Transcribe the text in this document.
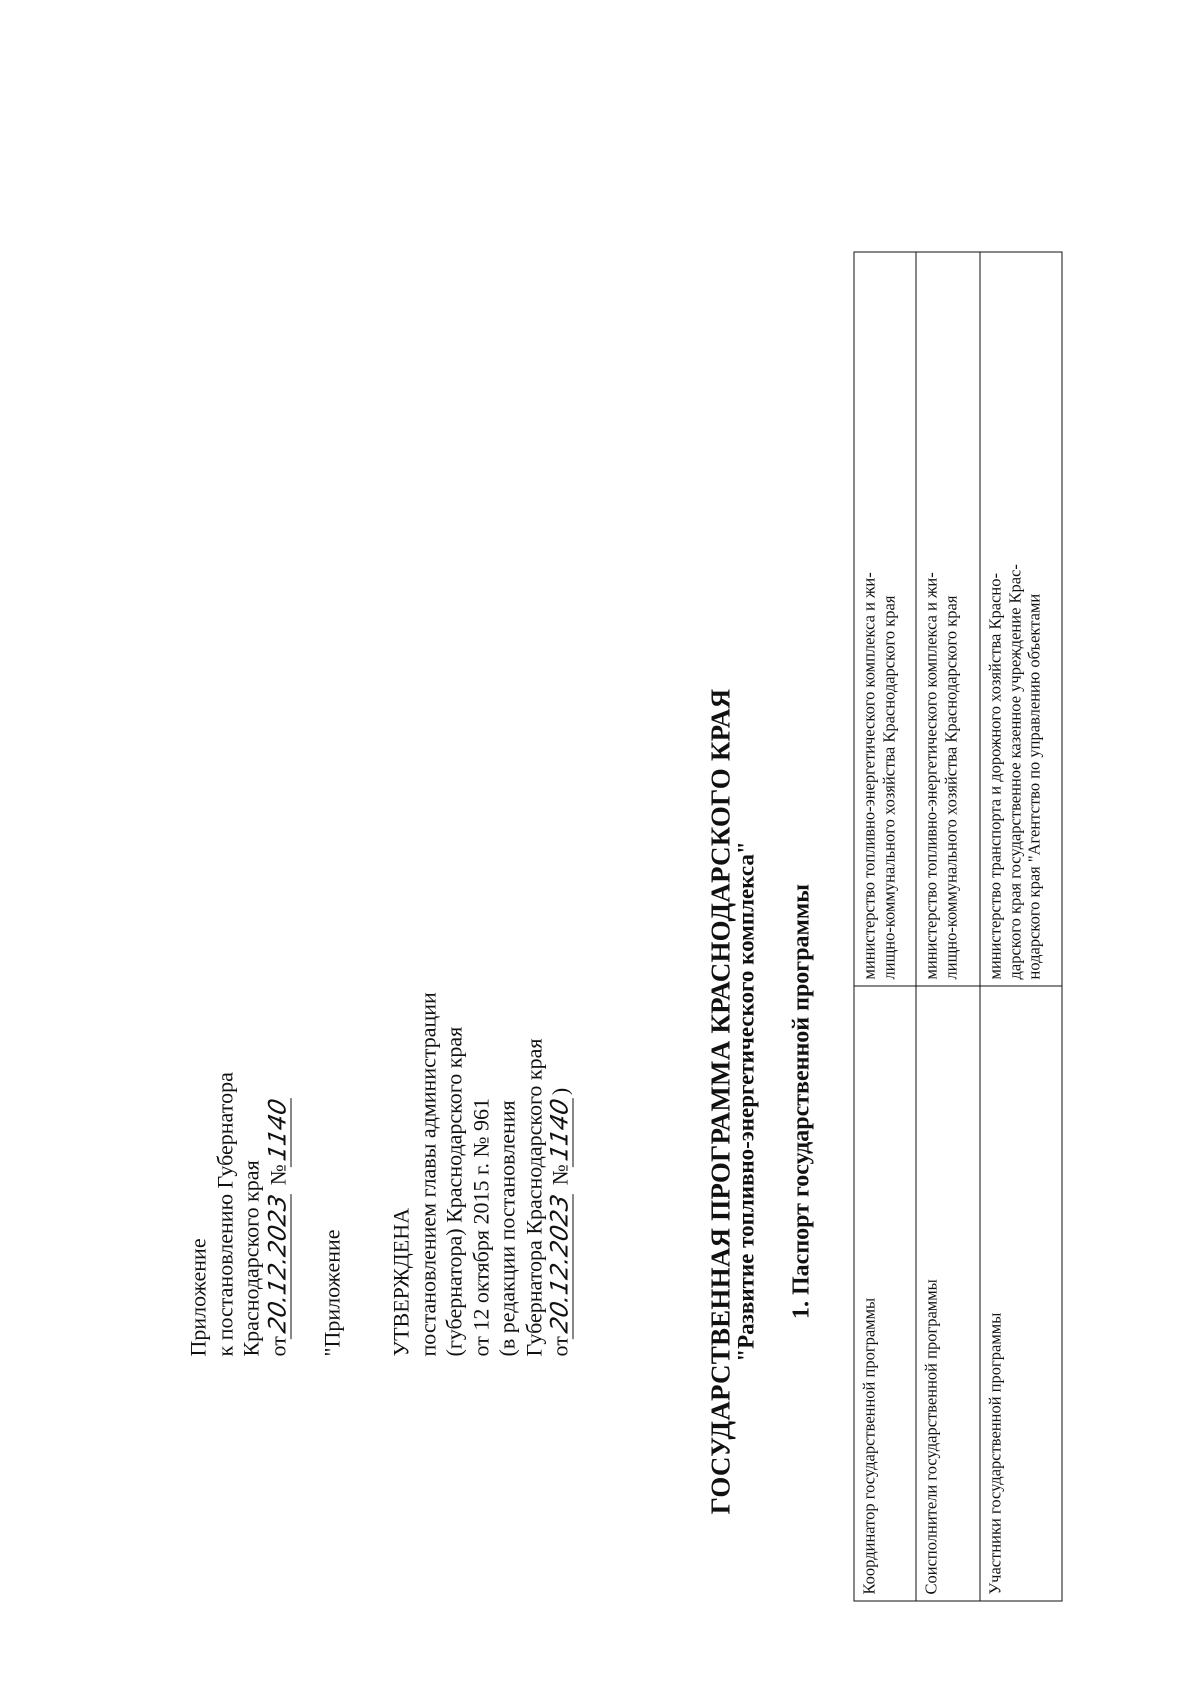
Приложение к постановлению Губернатора Краснодарского края от20.12.2023 №1140

"Приложение УТВЕРЖДЕНА постановлением главы администрации (губернатора) Краснодарского края от 12 октября 2015 г. № 961 (в редакции постановления Губернатора Краснодарского края от20.12.2023 №1140)	ГОСУДАРСТВЕННАЯ ПРОГРАММА КРАСНОДАРСКОГО КРАЯ
"Развитие топливно-энергетического комплекса" 1. Паспорт государственной программы
Координатор государственной программы	министерство топливно-энергетического комплекса и жи- лищно-коммунального хозяйства Краснодарского края

Соисполнители государственной программы	министерство топливно-энергетического комплекса и жи- лищно-коммунального хозяйства Краснодарского края

Участники государственной программы	министерство транспорта и дорожного хозяйства Красно- дарского края государственное казенное учреждение Крас- нодарского края "Агентство по управлению объектами
